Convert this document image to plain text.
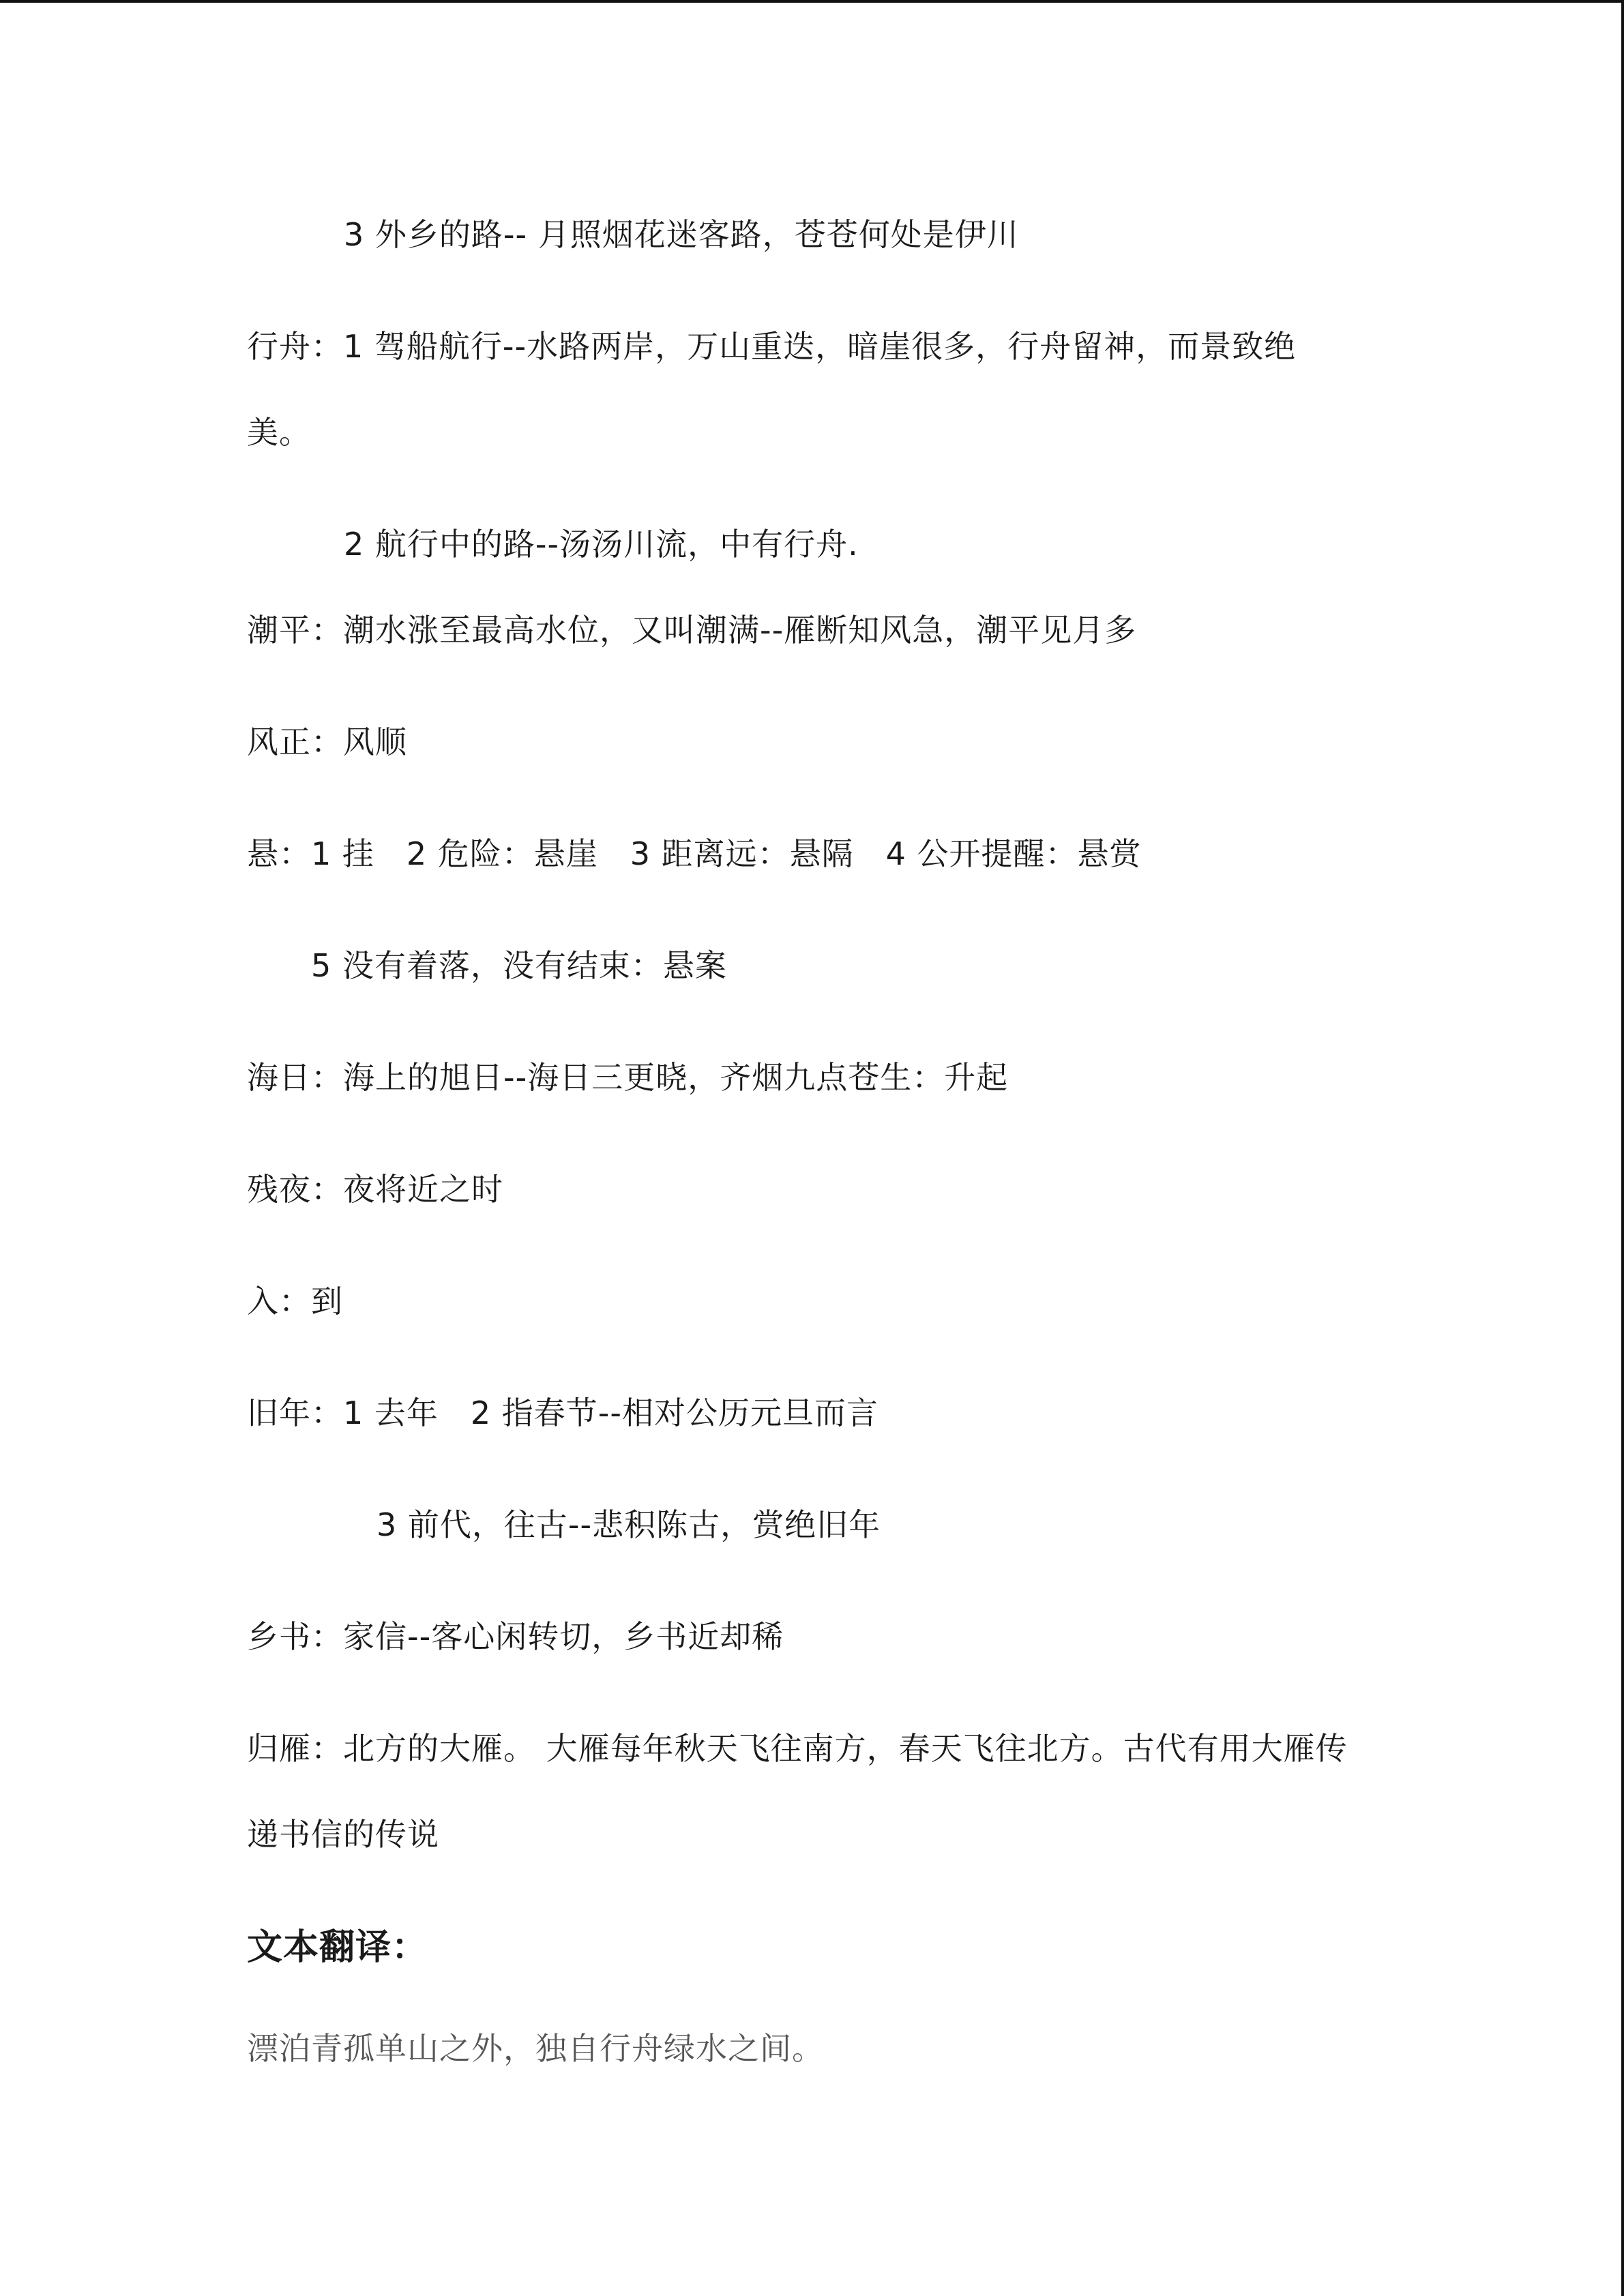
3 外乡的路-- 月照烟花迷客路，苍苍何处是伊川
行舟：1 驾船航行--水路两岸，万山重迭，暗崖很多，行舟留神，而景致绝
美。
2 航行中的路--汤汤川流，中有行舟.
潮平：潮水涨至最高水位，又叫潮满--雁断知风急，潮平见月多
风正：风顺
悬：1 挂　2 危险：悬崖　3 距离远：悬隔　4 公开提醒：悬赏
5 没有着落，没有结束：悬案
海日：海上的旭日--海日三更晓，齐烟九点苍生：升起
残夜：夜将近之时
入：到
旧年：1 去年　2 指春节--相对公历元旦而言
3 前代，往古--悲积陈古，赏绝旧年
乡书：家信--客心闲转切，乡书近却稀
归雁：北方的大雁。 大雁每年秋天飞往南方，春天飞往北方。古代有用大雁传
递书信的传说
文本翻译：
漂泊青孤单山之外，独自行舟绿水之间。
